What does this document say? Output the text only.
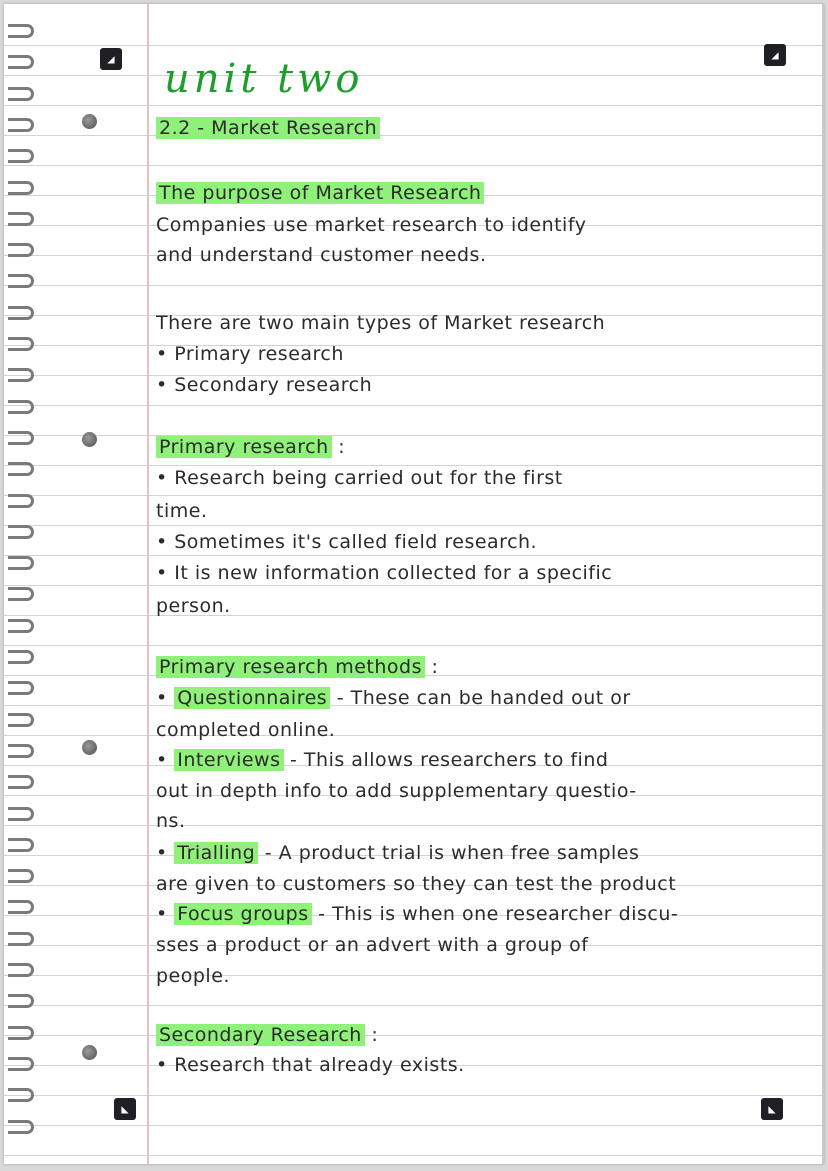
◢	◢
◣	◣
unit two
2.2 - Market Research
The purpose of Market Research
Companies use market research to identify
and understand customer needs.
There are two main types of Market research
• Primary research
• Secondary research
Primary research :
• Research being carried out for the first
time.
• Sometimes it's called field research.
• It is new information collected for a specific
person.
Primary research methods :
• Questionnaires - These can be handed out or
completed online.
• Interviews - This allows researchers to find
out in depth info to add supplementary questio-
ns.
• Trialling - A product trial is when free samples
are given to customers so they can test the product
• Focus groups - This is when one researcher discu-
sses a product or an advert with a group of
people.
Secondary Research :
• Research that already exists.
